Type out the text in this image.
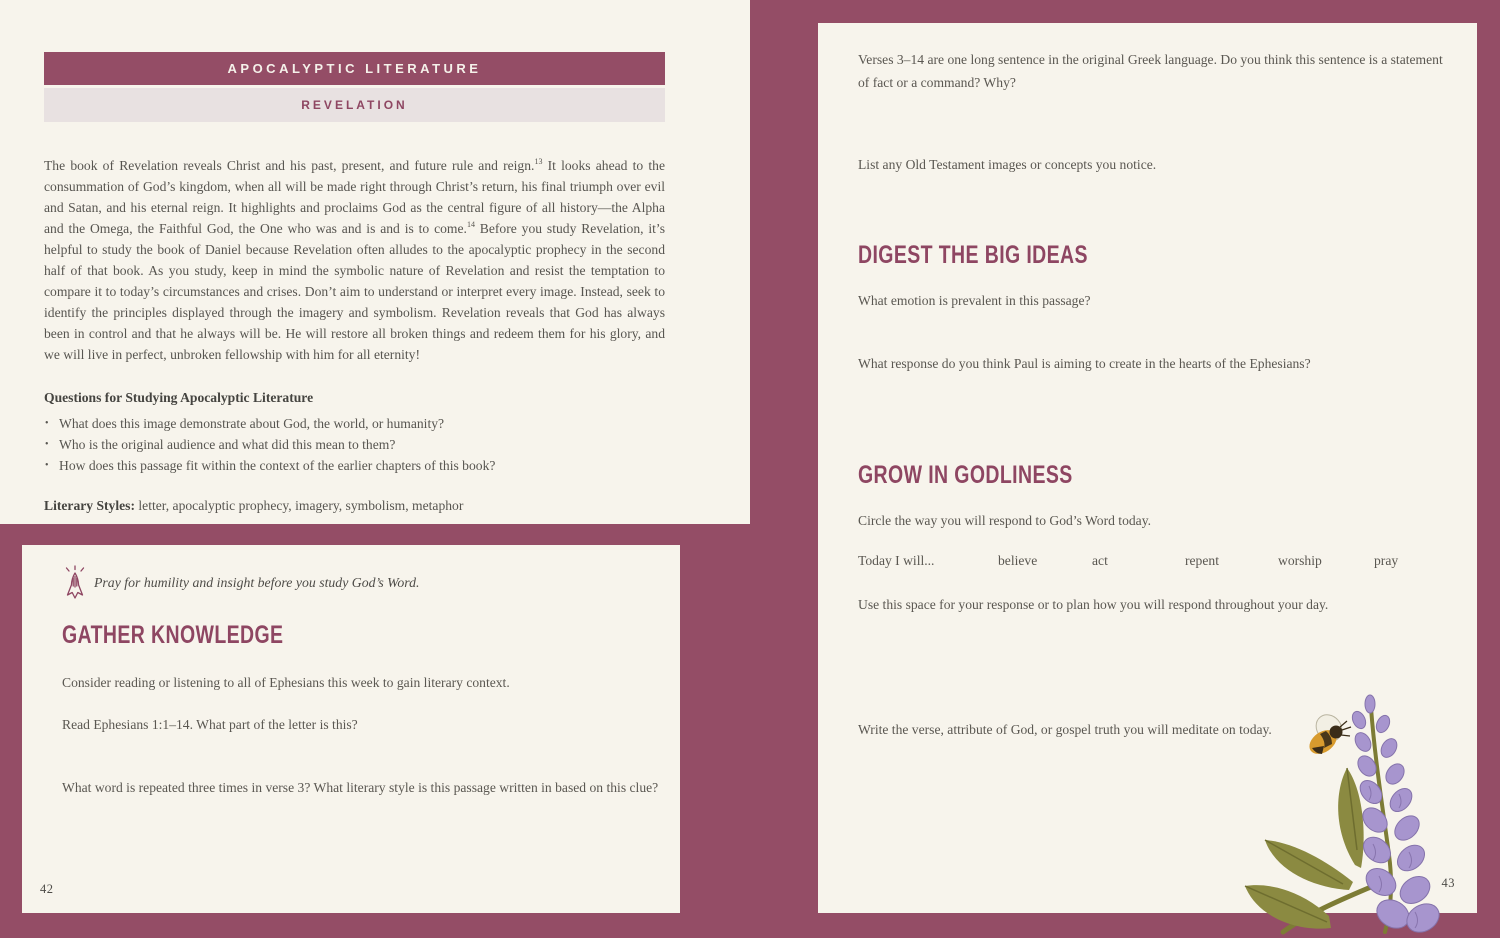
APOCALYPTIC LITERATURE
REVELATION

The book of Revelation reveals Christ and his past, present, and future rule and reign.$^{13}$ It looks ahead to the consummation of God’s kingdom, when all will be made right through Christ’s return, his final triumph over evil and Satan, and his eternal reign. It highlights and proclaims God as the central figure of all history—the Alpha and the Omega, the Faithful God, the One who was and is and is to come.$^{14}$ Before you study Revelation, it’s helpful to study the book of Daniel because Revelation often alludes to the apocalyptic prophecy in the second half of that book. As you study, keep in mind the symbolic nature of Revelation and resist the temptation to compare it to today’s circumstances and crises. Don’t aim to understand or interpret every image. Instead, seek to identify the principles displayed through the imagery and symbolism. Revelation reveals that God has always been in control and that he always will be. He will restore all broken things and redeem them for his glory, and we will live in perfect, unbroken fellowship with him for all eternity!

Questions for Studying Apocalyptic Literature
• What does this image demonstrate about God, the world, or humanity?
• Who is the original audience and what did this mean to them?
• How does this passage fit within the context of the earlier chapters of this book?
Literary Styles: letter, apocalyptic prophecy, imagery, symbolism, metaphor
Pray for humility and insight before you study God’s Word.
GATHER KNOWLEDGE
Consider reading or listening to all of Ephesians this week to gain literary context.
Read Ephesians 1:1–14. What part of the letter is this?
What word is repeated three times in verse 3? What literary style is this passage written in based on this clue?
42
Verses 3–14 are one long sentence in the original Greek language. Do you think this sentence is a statement of fact or a command? Why?
List any Old Testament images or concepts you notice.
DIGEST THE BIG IDEAS
What emotion is prevalent in this passage?
What response do you think Paul is aiming to create in the hearts of the Ephesians?
GROW IN GODLINESS
Circle the way you will respond to God’s Word today.
Today I will...	believe	act	repent	worship	pray
Use this space for your response or to plan how you will respond throughout your day.
Write the verse, attribute of God, or gospel truth you will meditate on today.
43
